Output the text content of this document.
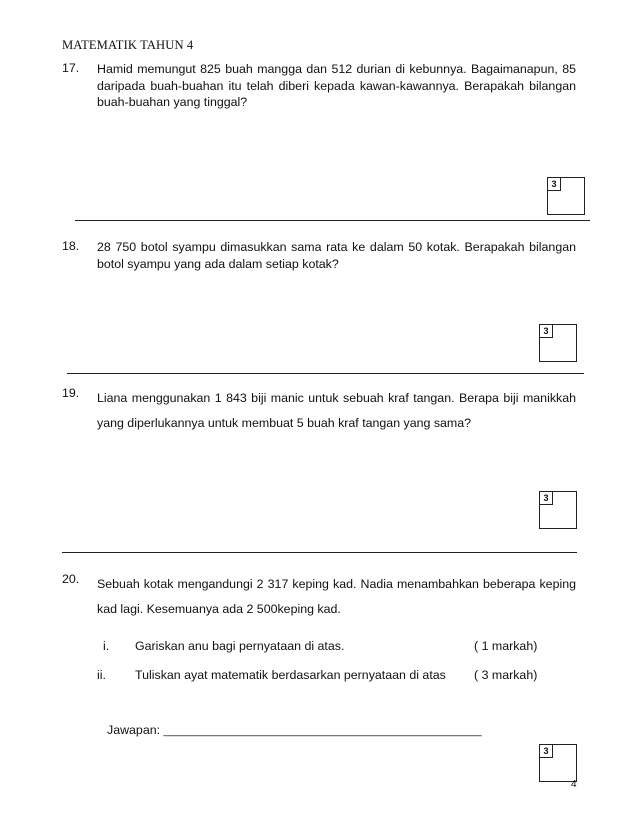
MATEMATIK TAHUN 4
17. Hamid memungut 825 buah mangga dan 512 durian di kebunnya. Bagaimanapun, 85 daripada buah-buahan itu telah diberi kepada kawan-kawannya. Berapakah bilangan buah-buahan yang tinggal?
3
18. 28 750 botol syampu dimasukkan sama rata ke dalam 50 kotak. Berapakah bilangan botol syampu yang ada dalam setiap kotak?
3
19. Liana menggunakan 1 843 biji manic untuk sebuah kraf tangan. Berapa biji manikkah yang diperlukannya untuk membuat 5 buah kraf tangan yang sama?
3
20. Sebuah kotak mengandungi 2 317 keping kad. Nadia menambahkan beberapa keping kad lagi. Kesemuanya ada 2 500keping kad.
i. Gariskan anu bagi pernyataan di atas.	( 1 markah)
ii. Tuliskan ayat matematik berdasarkan pernyataan di atas ( 3 markah)
Jawapan: ____________________________________________________
3
4
